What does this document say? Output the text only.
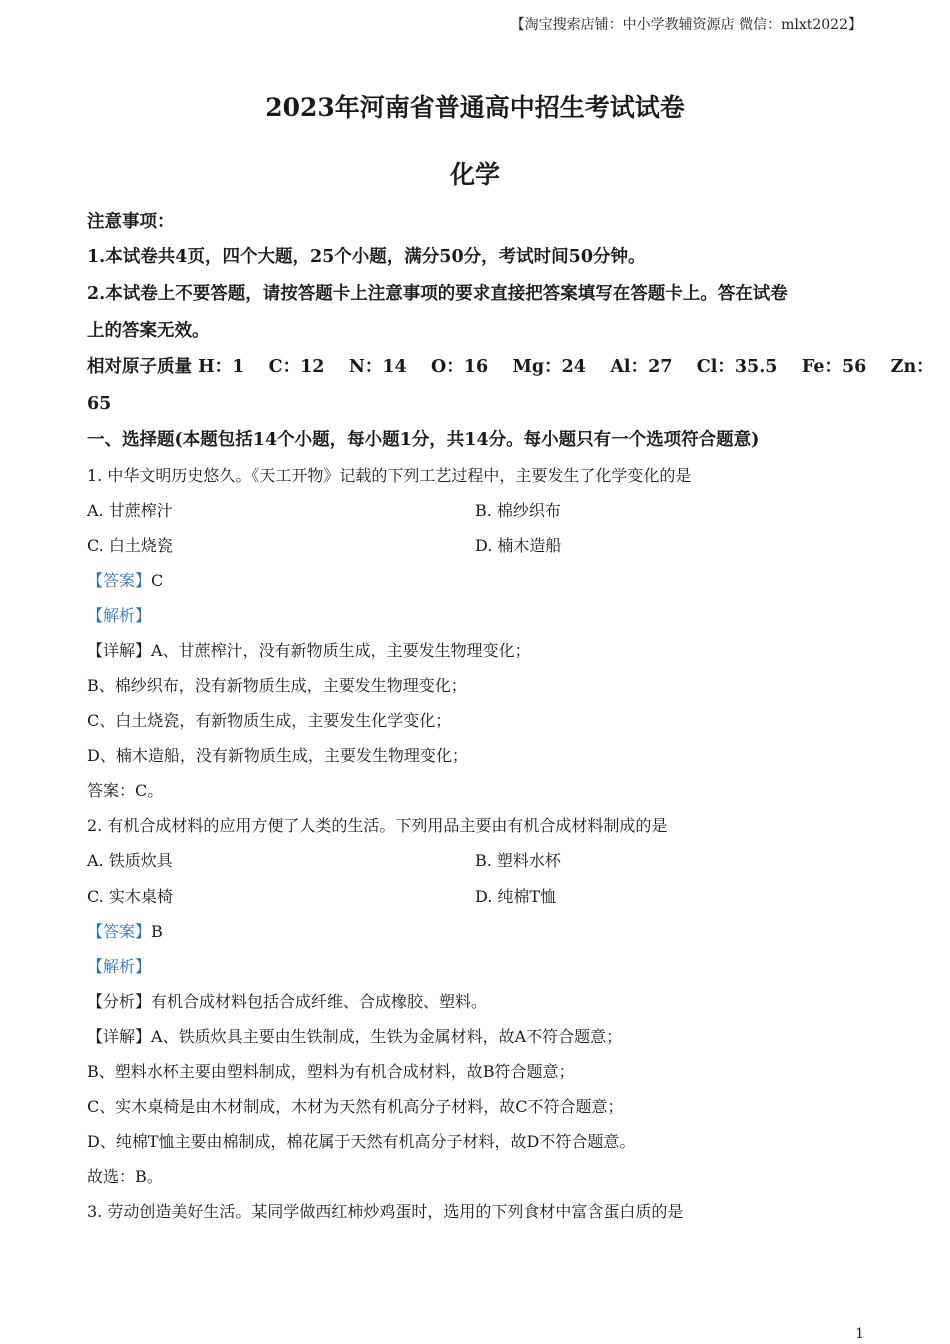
【淘宝搜索店铺：中小学教辅资源店 微信：mlxt2022】
2023年河南省普通高中招生考试试卷
化学
注意事项：
1.本试卷共4页，四个大题，25个小题，满分50分，考试时间50分钟。
2.本试卷上不要答题，请按答题卡上注意事项的要求直接把答案填写在答题卡上。答在试卷
上的答案无效。
相对原子质量 H：1    C：12    N：14    O：16    Mg：24    Al：27    Cl：35.5    Fe：56    Zn：
65
一、选择题(本题包括14个小题，每小题1分，共14分。每小题只有一个选项符合题意)
1. 中华文明历史悠久。《天工开物》记载的下列工艺过程中，主要发生了化学变化的是
A. 甘蔗榨汁	B. 棉纱织布
C. 白土烧瓷	D. 楠木造船
【答案】C
【解析】
【详解】A、甘蔗榨汁，没有新物质生成，主要发生物理变化；
B、棉纱织布，没有新物质生成，主要发生物理变化；
C、白土烧瓷，有新物质生成，主要发生化学变化；
D、楠木造船，没有新物质生成，主要发生物理变化；
答案：C。
2. 有机合成材料的应用方便了人类的生活。下列用品主要由有机合成材料制成的是
A. 铁质炊具	B. 塑料水杯
C. 实木桌椅	D. 纯棉T恤
【答案】B
【解析】
【分析】有机合成材料包括合成纤维、合成橡胶、塑料。
【详解】A、铁质炊具主要由生铁制成，生铁为金属材料，故A不符合题意；
B、塑料水杯主要由塑料制成，塑料为有机合成材料，故B符合题意；
C、实木桌椅是由木材制成，木材为天然有机高分子材料，故C不符合题意；
D、纯棉T恤主要由棉制成，棉花属于天然有机高分子材料，故D不符合题意。
故选：B。
3. 劳动创造美好生活。某同学做西红柿炒鸡蛋时，选用的下列食材中富含蛋白质的是
1
